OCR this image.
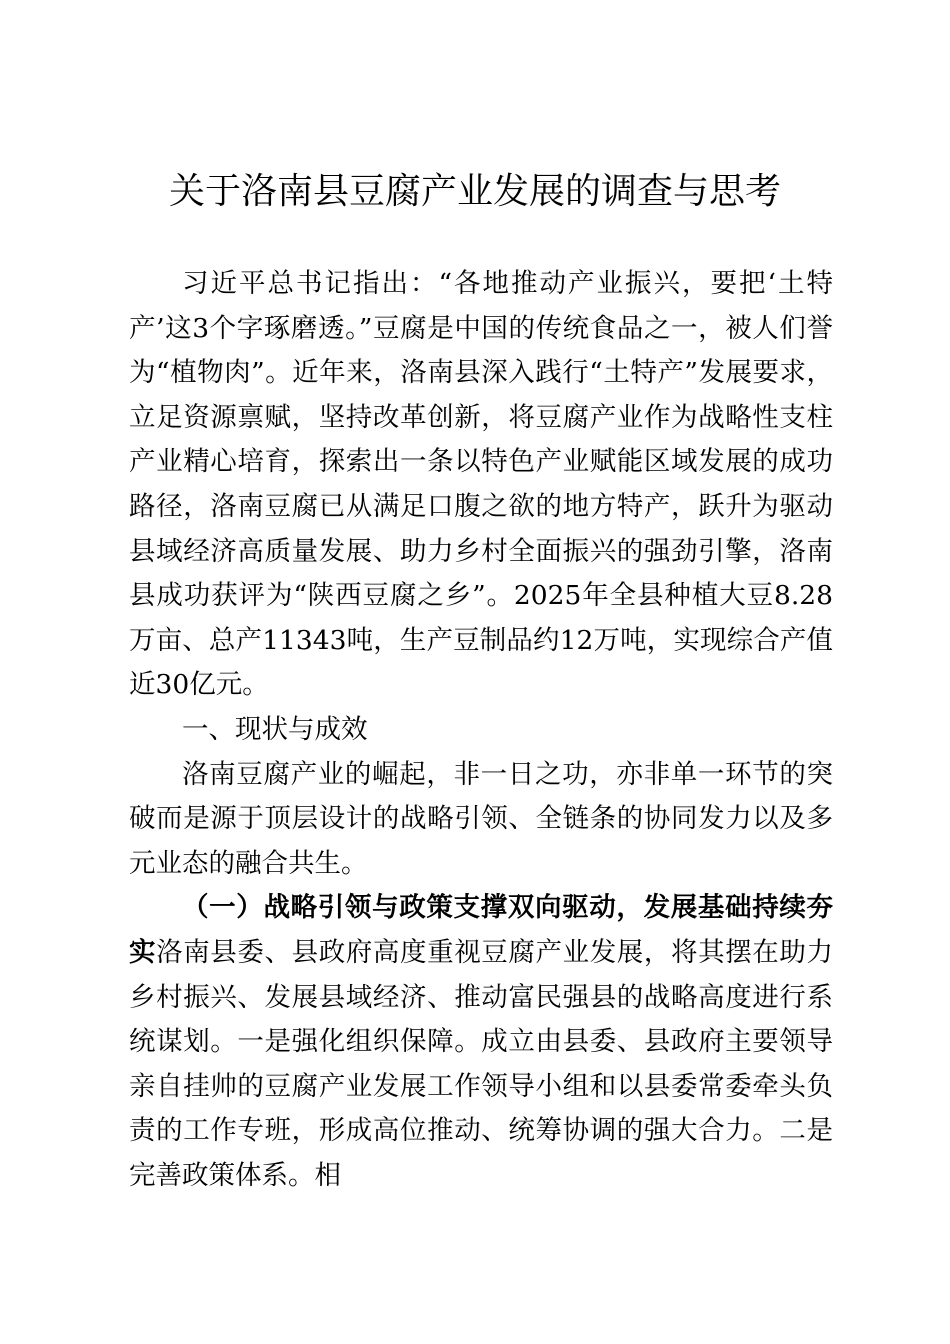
关于洛南县豆腐产业发展的调查与思考

习近平总书记指出：“各地推动产业振兴，要把‘土特产’这3个字琢磨透。”豆腐是中国的传统食品之一，被人们誉为“植物肉”。近年来，洛南县深入践行“土特产”发展要求，立足资源禀赋，坚持改革创新，将豆腐产业作为战略性支柱产业精心培育，探索出一条以特色产业赋能区域发展的成功路径，洛南豆腐已从满足口腹之欲的地方特产，跃升为驱动县域经济高质量发展、助力乡村全面振兴的强劲引擎，洛南县成功获评为“陕西豆腐之乡”。2025年全县种植大豆8.28万亩、总产11343吨，生产豆制品约12万吨，实现综合产值近30亿元。

一、现状与成效

洛南豆腐产业的崛起，非一日之功，亦非单一环节的突破而是源于顶层设计的战略引领、全链条的协同发力以及多元业态的融合共生。

（一）战略引领与政策支撑双向驱动，发展基础持续夯实洛南县委、县政府高度重视豆腐产业发展，将其摆在助力乡村振兴、发展县域经济、推动富民强县的战略高度进行系统谋划。一是强化组织保障。成立由县委、县政府主要领导亲自挂帅的豆腐产业发展工作领导小组和以县委常委牵头负责的工作专班，形成高位推动、统筹协调的强大合力。二是完善政策体系。相
